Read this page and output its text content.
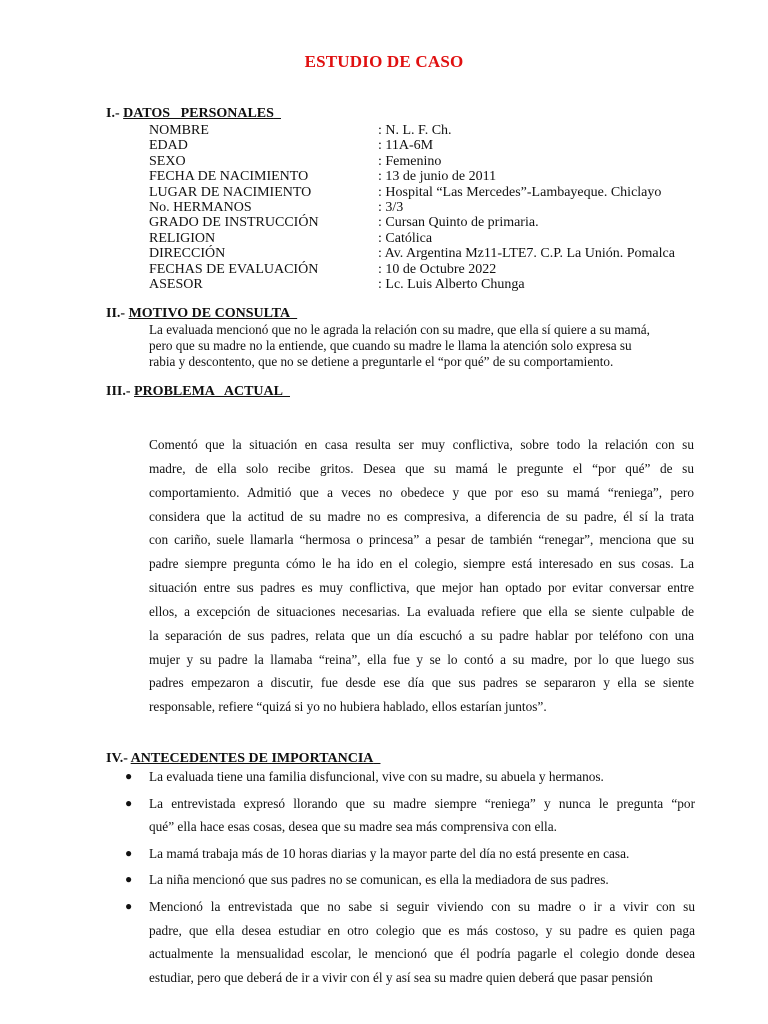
ESTUDIO DE CASO
I.- DATOS   PERSONALES
NOMBRE	: N. L. F. Ch.
EDAD	: 11A-6M
SEXO	: Femenino
FECHA DE NACIMIENTO	: 13 de junio de 2011
LUGAR DE NACIMIENTO	: Hospital “Las Mercedes”-Lambayeque. Chiclayo
No. HERMANOS	: 3/3
GRADO DE INSTRUCCIÓN	: Cursan Quinto de primaria.
RELIGION	: Católica
DIRECCIÓN	: Av. Argentina Mz11-LTE7. C.P. La Unión. Pomalca
FECHAS DE EVALUACIÓN	: 10 de Octubre 2022
ASESOR	: Lc. Luis Alberto Chunga
II.- MOTIVO DE CONSULTA
La evaluada mencionó que no le agrada la relación con su madre, que ella sí quiere a su mamá,
pero que su madre no la entiende, que cuando su madre le llama la atención solo expresa su
rabia y descontento, que no se detiene a preguntarle el “por qué” de su comportamiento.
III.- PROBLEMA   ACTUAL
Comentó que la situación en casa resulta ser muy conflictiva, sobre todo la relación con su
madre, de ella solo recibe gritos. Desea que su mamá le pregunte el “por qué” de su
comportamiento. Admitió que a veces no obedece y que por eso su mamá “reniega”, pero
considera que la actitud de su madre no es compresiva, a diferencia de su padre, él sí la trata
con cariño, suele llamarla “hermosa o princesa” a pesar de también “renegar”, menciona que su
padre siempre pregunta cómo le ha ido en el colegio, siempre está interesado en sus cosas. La
situación entre sus padres es muy conflictiva, que mejor han optado por evitar conversar entre
ellos, a excepción de situaciones necesarias. La evaluada refiere que ella se siente culpable de
la separación de sus padres, relata que un día escuchó a su padre hablar por teléfono con una
mujer y su padre la llamaba “reina”, ella fue y se lo contó a su madre, por lo que luego sus
padres empezaron a discutir, fue desde ese día que sus padres se separaron y ella se siente
responsable, refiere “quizá si yo no hubiera hablado, ellos estarían juntos”.
IV.- ANTECEDENTES DE IMPORTANCIA
● La evaluada tiene una familia disfuncional, vive con su madre, su abuela y hermanos.
● La entrevistada expresó llorando que su madre siempre “reniega” y nunca le pregunta “por
qué” ella hace esas cosas, desea que su madre sea más comprensiva con ella.
● La mamá trabaja más de 10 horas diarias y la mayor parte del día no está presente en casa.
● La niña mencionó que sus padres no se comunican, es ella la mediadora de sus padres.
● Mencionó la entrevistada que no sabe si seguir viviendo con su madre o ir a vivir con su
padre, que ella desea estudiar en otro colegio que es más costoso, y su padre es quien paga
actualmente la mensualidad escolar, le mencionó que él podría pagarle el colegio donde desea
estudiar, pero que deberá de ir a vivir con él y así sea su madre quien deberá que pasar pensión
